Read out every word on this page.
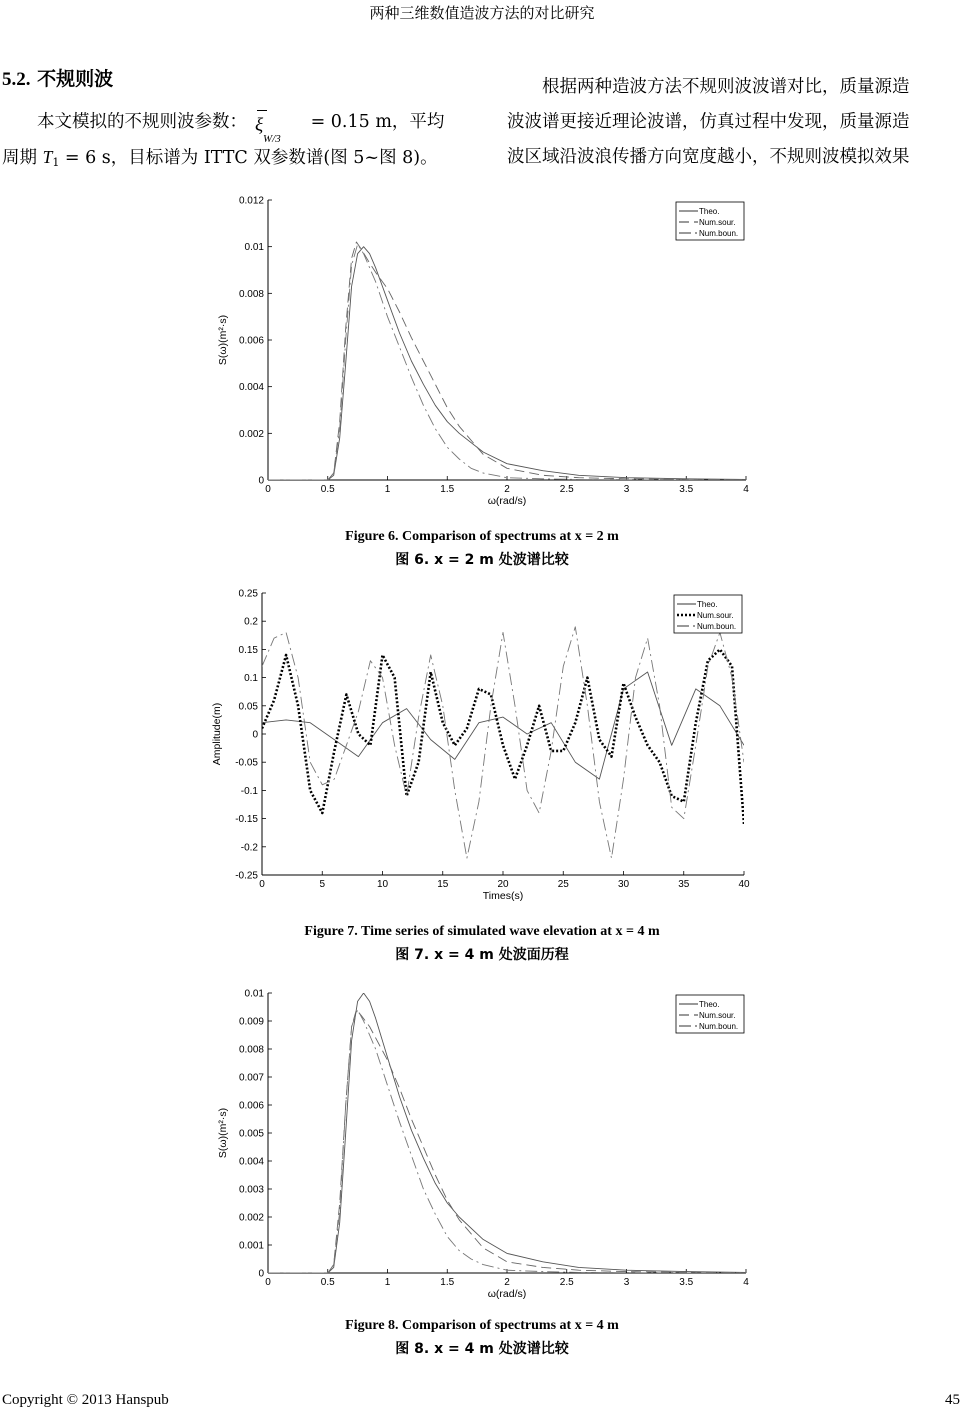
两种三维数值造波方法的对比研究
5.2. 不规则波
本文模拟的不规则波参数： ξ
W/3
= 0.15 m，平均
周期 $T_1 = 6$ s，目标谱为 ITTC 双参数谱(图 5~图 8)。
根据两种造波方法不规则波波谱对比，质量源造
波波谱更接近理论波谱，仿真过程中发现，质量源造
波区域沿波浪传播方向宽度越小，不规则波模拟效果
0	0.5	1	1.5	2	2.5	3	3.5	4
0
0.002
0.004
0.006
0.008
0.01
0.012
ω(rad/s)
S(ω)(m²·s)
Theo.
Num.sour.
Num.boun.
Figure 6. Comparison of spectrums at x = 2 m
图 6. x = 2 m 处波谱比较
0	5	10	15	20	25	30	35	40
-0.25
-0.2
-0.15
-0.1
-0.05
0
0.05
0.1
0.15
0.2
0.25
Times(s)
Amplitude(m)
Theo.
Num.sour.
Num.boun.
Figure 7. Time series of simulated wave elevation at x = 4 m
图 7. x = 4 m 处波面历程
0	0.5	1	1.5	2	2.5	3	3.5	4
0
0.001
0.002
0.003
0.004
0.005
0.006
0.007
0.008
0.009
0.01
ω(rad/s)
S(ω)(m²·s)
Theo.
Num.sour.
Num.boun.
Figure 8. Comparison of spectrums at x = 4 m
图 8. x = 4 m 处波谱比较
Copyright © 2013 Hanspub	45
